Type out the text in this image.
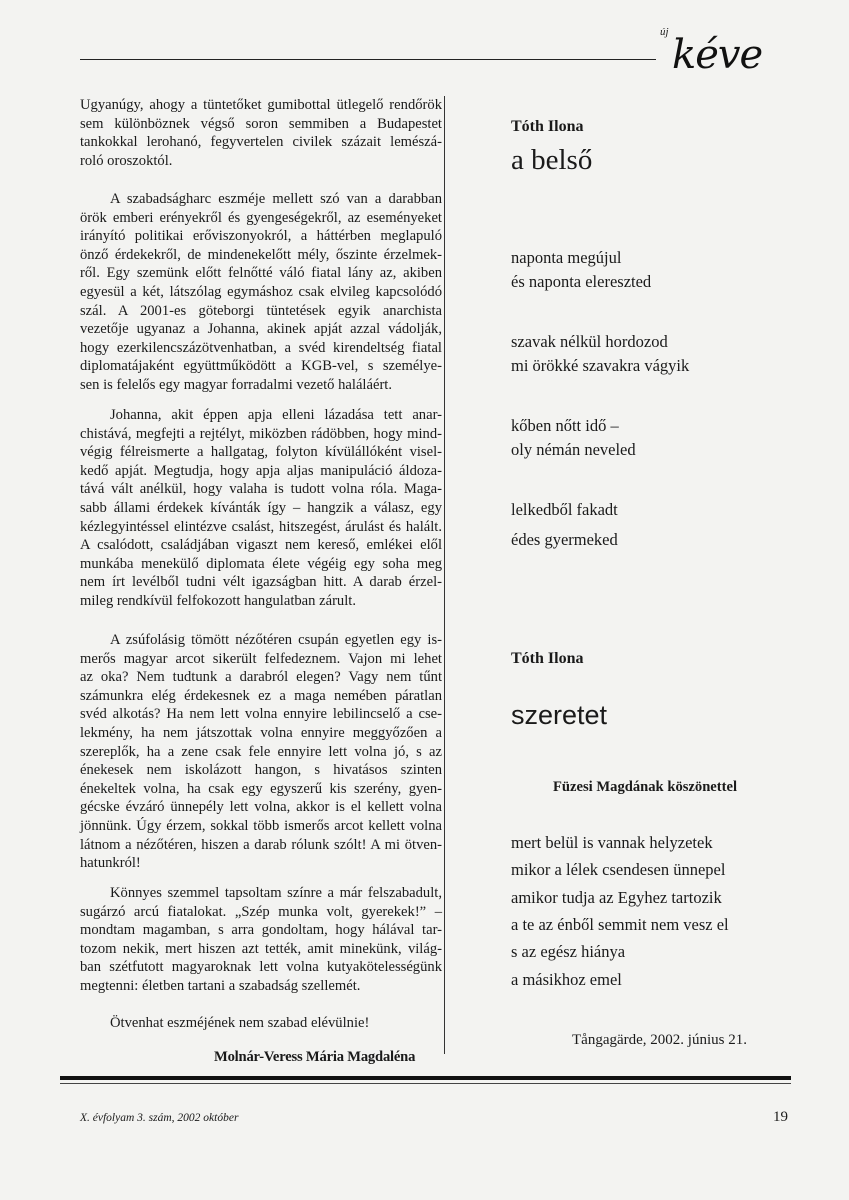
új kéve
Ugyanúgy, ahogy a tüntetőket gumibottal ütlegelő rendőrök
sem különböznek végső soron semmiben a Budapestet
tankokkal lerohanó, fegyvertelen civilek százait lemészá-
roló oroszoktól.
A szabadságharc eszméje mellett szó van a darabban
örök emberi erényekről és gyengeségekről, az eseményeket
irányító politikai erőviszonyokról, a háttérben meglapuló
önző érdekekről, de mindenekelőtt mély, őszinte érzelmek-
ről. Egy szemünk előtt felnőtté váló fiatal lány az, akiben
egyesül a két, látszólag egymáshoz csak elvileg kapcsolódó
szál. A 2001-es göteborgi tüntetések egyik anarchista
vezetője ugyanaz a Johanna, akinek apját azzal vádolják,
hogy ezerkilencszázötvenhatban, a svéd kirendeltség fiatal
diplomatájaként együttműködött a KGB-vel, s személye-
sen is felelős egy magyar forradalmi vezető haláláért.
Johanna, akit éppen apja elleni lázadása tett anar-
chistává, megfejti a rejtélyt, miközben rádöbben, hogy mind-
végig félreismerte a hallgatag, folyton kívülállóként visel-
kedő apját. Megtudja, hogy apja aljas manipuláció áldoza-
tává vált anélkül, hogy valaha is tudott volna róla. Maga-
sabb állami érdekek kívánták így – hangzik a válasz, egy
kézlegyintéssel elintézve csalást, hitszegést, árulást és halált.
A csalódott, családjában vigaszt nem kereső, emlékei elől
munkába menekülő diplomata élete végéig egy soha meg
nem írt levélből tudni vélt igazságban hitt. A darab érzel-
mileg rendkívül felfokozott hangulatban zárult.
A zsúfolásig tömött nézőtéren csupán egyetlen egy is-
merős magyar arcot sikerült felfedeznem. Vajon mi lehet
az oka? Nem tudtunk a darabról elegen? Vagy nem tűnt
számunkra elég érdekesnek ez a maga nemében páratlan
svéd alkotás? Ha nem lett volna ennyire lebilincselő a cse-
lekmény, ha nem játszottak volna ennyire meggyőzően a
szereplők, ha a zene csak fele ennyire lett volna jó, s az
énekesek nem iskolázott hangon, s hivatásos szinten
énekeltek volna, ha csak egy egyszerű kis szerény, gyen-
gécske évzáró ünnepély lett volna, akkor is el kellett volna
jönnünk. Úgy érzem, sokkal több ismerős arcot kellett volna
látnom a nézőtéren, hiszen a darab rólunk szólt! A mi ötven-
hatunkról!
Könnyes szemmel tapsoltam színre a már felszabadult,
sugárzó arcú fiatalokat. „Szép munka volt, gyerekek!” –
mondtam magamban, s arra gondoltam, hogy hálával tar-
tozom nekik, mert hiszen azt tették, amit minekünk, világ-
ban szétfutott magyaroknak lett volna kutyakötelességünk
megtenni: életben tartani a szabadság szellemét.
Ötvenhat eszméjének nem szabad elévülnie!
Molnár-Veress Mária Magdaléna
Tóth Ilona
a belső
naponta megújul
és naponta elereszted
szavak nélkül hordozod
mi örökké szavakra vágyik
kőben nőtt idő –
oly némán neveled
lelkedből fakadt
édes gyermeked
Tóth Ilona
szeretet
Füzesi Magdának köszönettel
mert belül is vannak helyzetek
mikor a lélek csendesen ünnepel
amikor tudja az Egyhez tartozik
a te az énből semmit nem vesz el
s az egész hiánya
a másikhoz emel
Tångagärde, 2002. június 21.
X. évfolyam 3. szám, 2002 október	19
